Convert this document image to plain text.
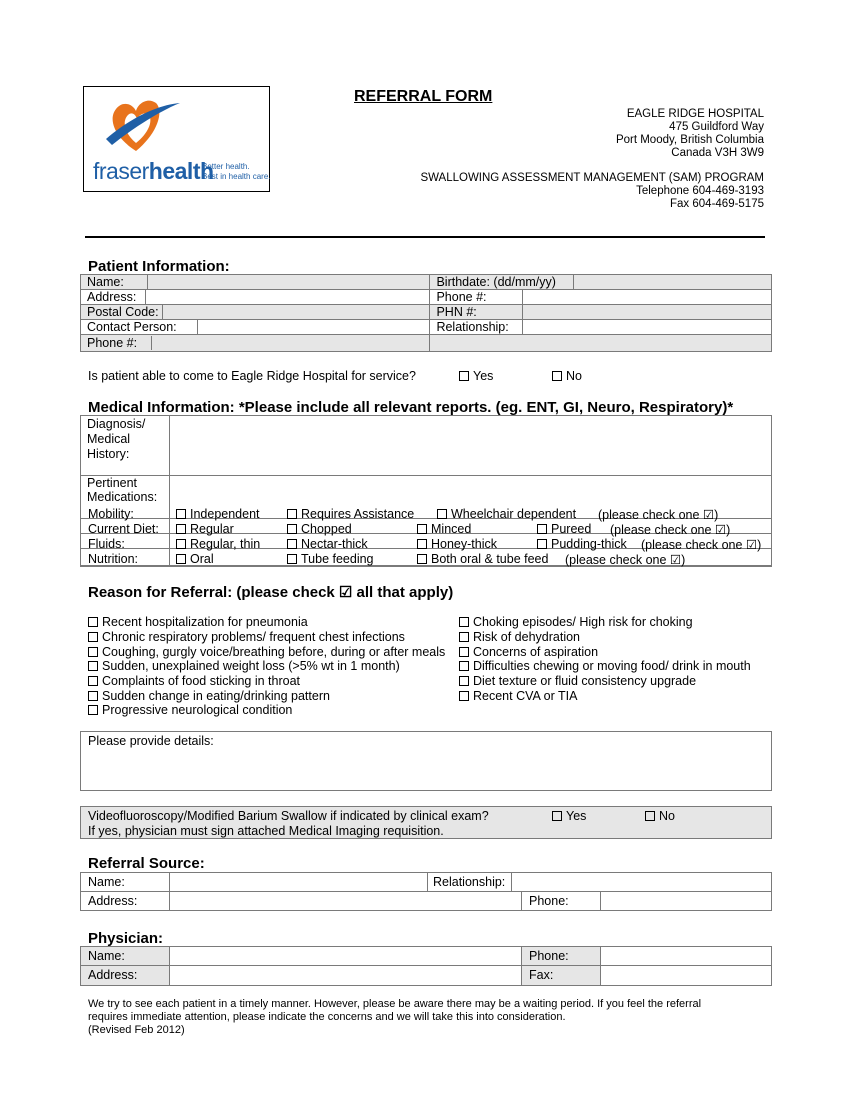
fraserhealth
Better health.
Best in health care.
REFERRAL FORM
EAGLE RIDGE HOSPITAL
475 Guildford Way
Port Moody, British Columbia
Canada V3H 3W9
SWALLOWING ASSESSMENT MANAGEMENT (SAM) PROGRAM
Telephone 604-469-3193
Fax 604-469-5175
Patient Information:
Name:	Birthdate: (dd/mm/yy)
Address:	Phone #:
Postal Code:	PHN #:
Contact Person:	Relationship:
Phone #:	
Is patient able to come to Eagle Ridge Hospital for service?	Yes	No
Medical Information: *Please include all relevant reports. (eg. ENT, GI, Neuro, Respiratory)*
Diagnosis/
Medical
History:
Pertinent
Medications:
Mobility:	Independent	Requires Assistance	Wheelchair dependent (please check one ☑)
Current Diet:	Regular	Chopped	Minced	Pureed (please check one ☑)
Fluids:	Regular, thin	Nectar-thick	Honey-thick	Pudding-thick (please check one ☑)
Nutrition:	Oral	Tube feeding	Both oral & tube feed (please check one ☑)
Reason for Referral: (please check ☑ all that apply)
Recent hospitalization for pneumonia
Chronic respiratory problems/ frequent chest infections
Coughing, gurgly voice/breathing before, during or after meals
Sudden, unexplained weight loss (>5% wt in 1 month)
Complaints of food sticking in throat
Sudden change in eating/drinking pattern
Progressive neurological condition
Choking episodes/ High risk for choking
Risk of dehydration
Concerns of aspiration
Difficulties chewing or moving food/ drink in mouth
Diet texture or fluid consistency upgrade
Recent CVA or TIA
Please provide details:
Videofluoroscopy/Modified Barium Swallow if indicated by clinical exam?
If yes, physician must sign attached Medical Imaging requisition.
Yes	No
Referral Source:
Name:	Relationship:
Address:	Phone:
Physician:
Name:	Phone:
Address:	Fax:
We try to see each patient in a timely manner. However, please be aware there may be a waiting period. If you feel the referral
requires immediate attention, please indicate the concerns and we will take this into consideration.
(Revised Feb 2012)
